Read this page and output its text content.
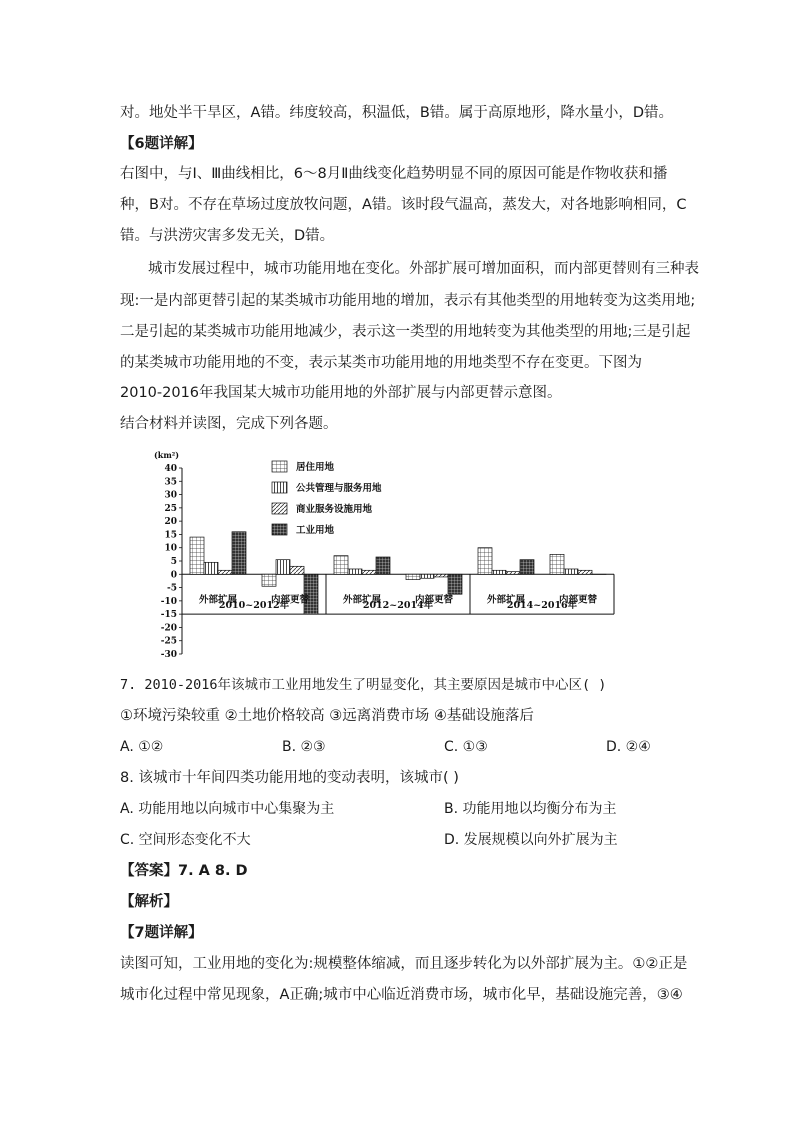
对。地处半干旱区，A错。纬度较高，积温低，B错。属于高原地形，降水量小，D错。
【6题详解】
右图中，与Ⅰ、Ⅲ曲线相比，6～8月Ⅱ曲线变化趋势明显不同的原因可能是作物收获和播
种，B对。不存在草场过度放牧问题，A错。该时段气温高，蒸发大，对各地影响相同，C
错。与洪涝灾害多发无关，D错。
城市发展过程中，城市功能用地在变化。外部扩展可增加面积，而内部更替则有三种表
现:一是内部更替引起的某类城市功能用地的增加，表示有其他类型的用地转变为这类用地;
二是引起的某类城市功能用地减少，表示这一类型的用地转变为其他类型的用地;三是引起
的某类城市功能用地的不变，表示某类市功能用地的用地类型不存在变更。下图为
2010-2016年我国某大城市功能用地的外部扩展与内部更替示意图。
结合材料并读图，完成下列各题。
(km²)
40
35
30
25
20
15
10
5
0
-5
-10
-15
-20
-25
-30
外部扩展	内部更替	外部扩展	内部更替	外部扩展	内部更替
2010~2012年	2012~2014年	2014~2016年
居住用地
公共管理与服务用地
商业服务设施用地
工业用地
7. 2010-2016年该城市工业用地发生了明显变化，其主要原因是城市中心区( )
①环境污染较重 ②土地价格较高 ③远离消费市场 ④基础设施落后
A. ①②	B. ②③	C. ①③	D. ②④
8. 该城市十年间四类功能用地的变动表明，该城市( )
A. 功能用地以向城市中心集聚为主	B. 功能用地以均衡分布为主
C. 空间形态变化不大	D. 发展规模以向外扩展为主
【答案】7. A 8. D
【解析】
【7题详解】
读图可知，工业用地的变化为:规模整体缩减，而且逐步转化为以外部扩展为主。①②正是
城市化过程中常见现象，A正确;城市中心临近消费市场，城市化早，基础设施完善，③④
